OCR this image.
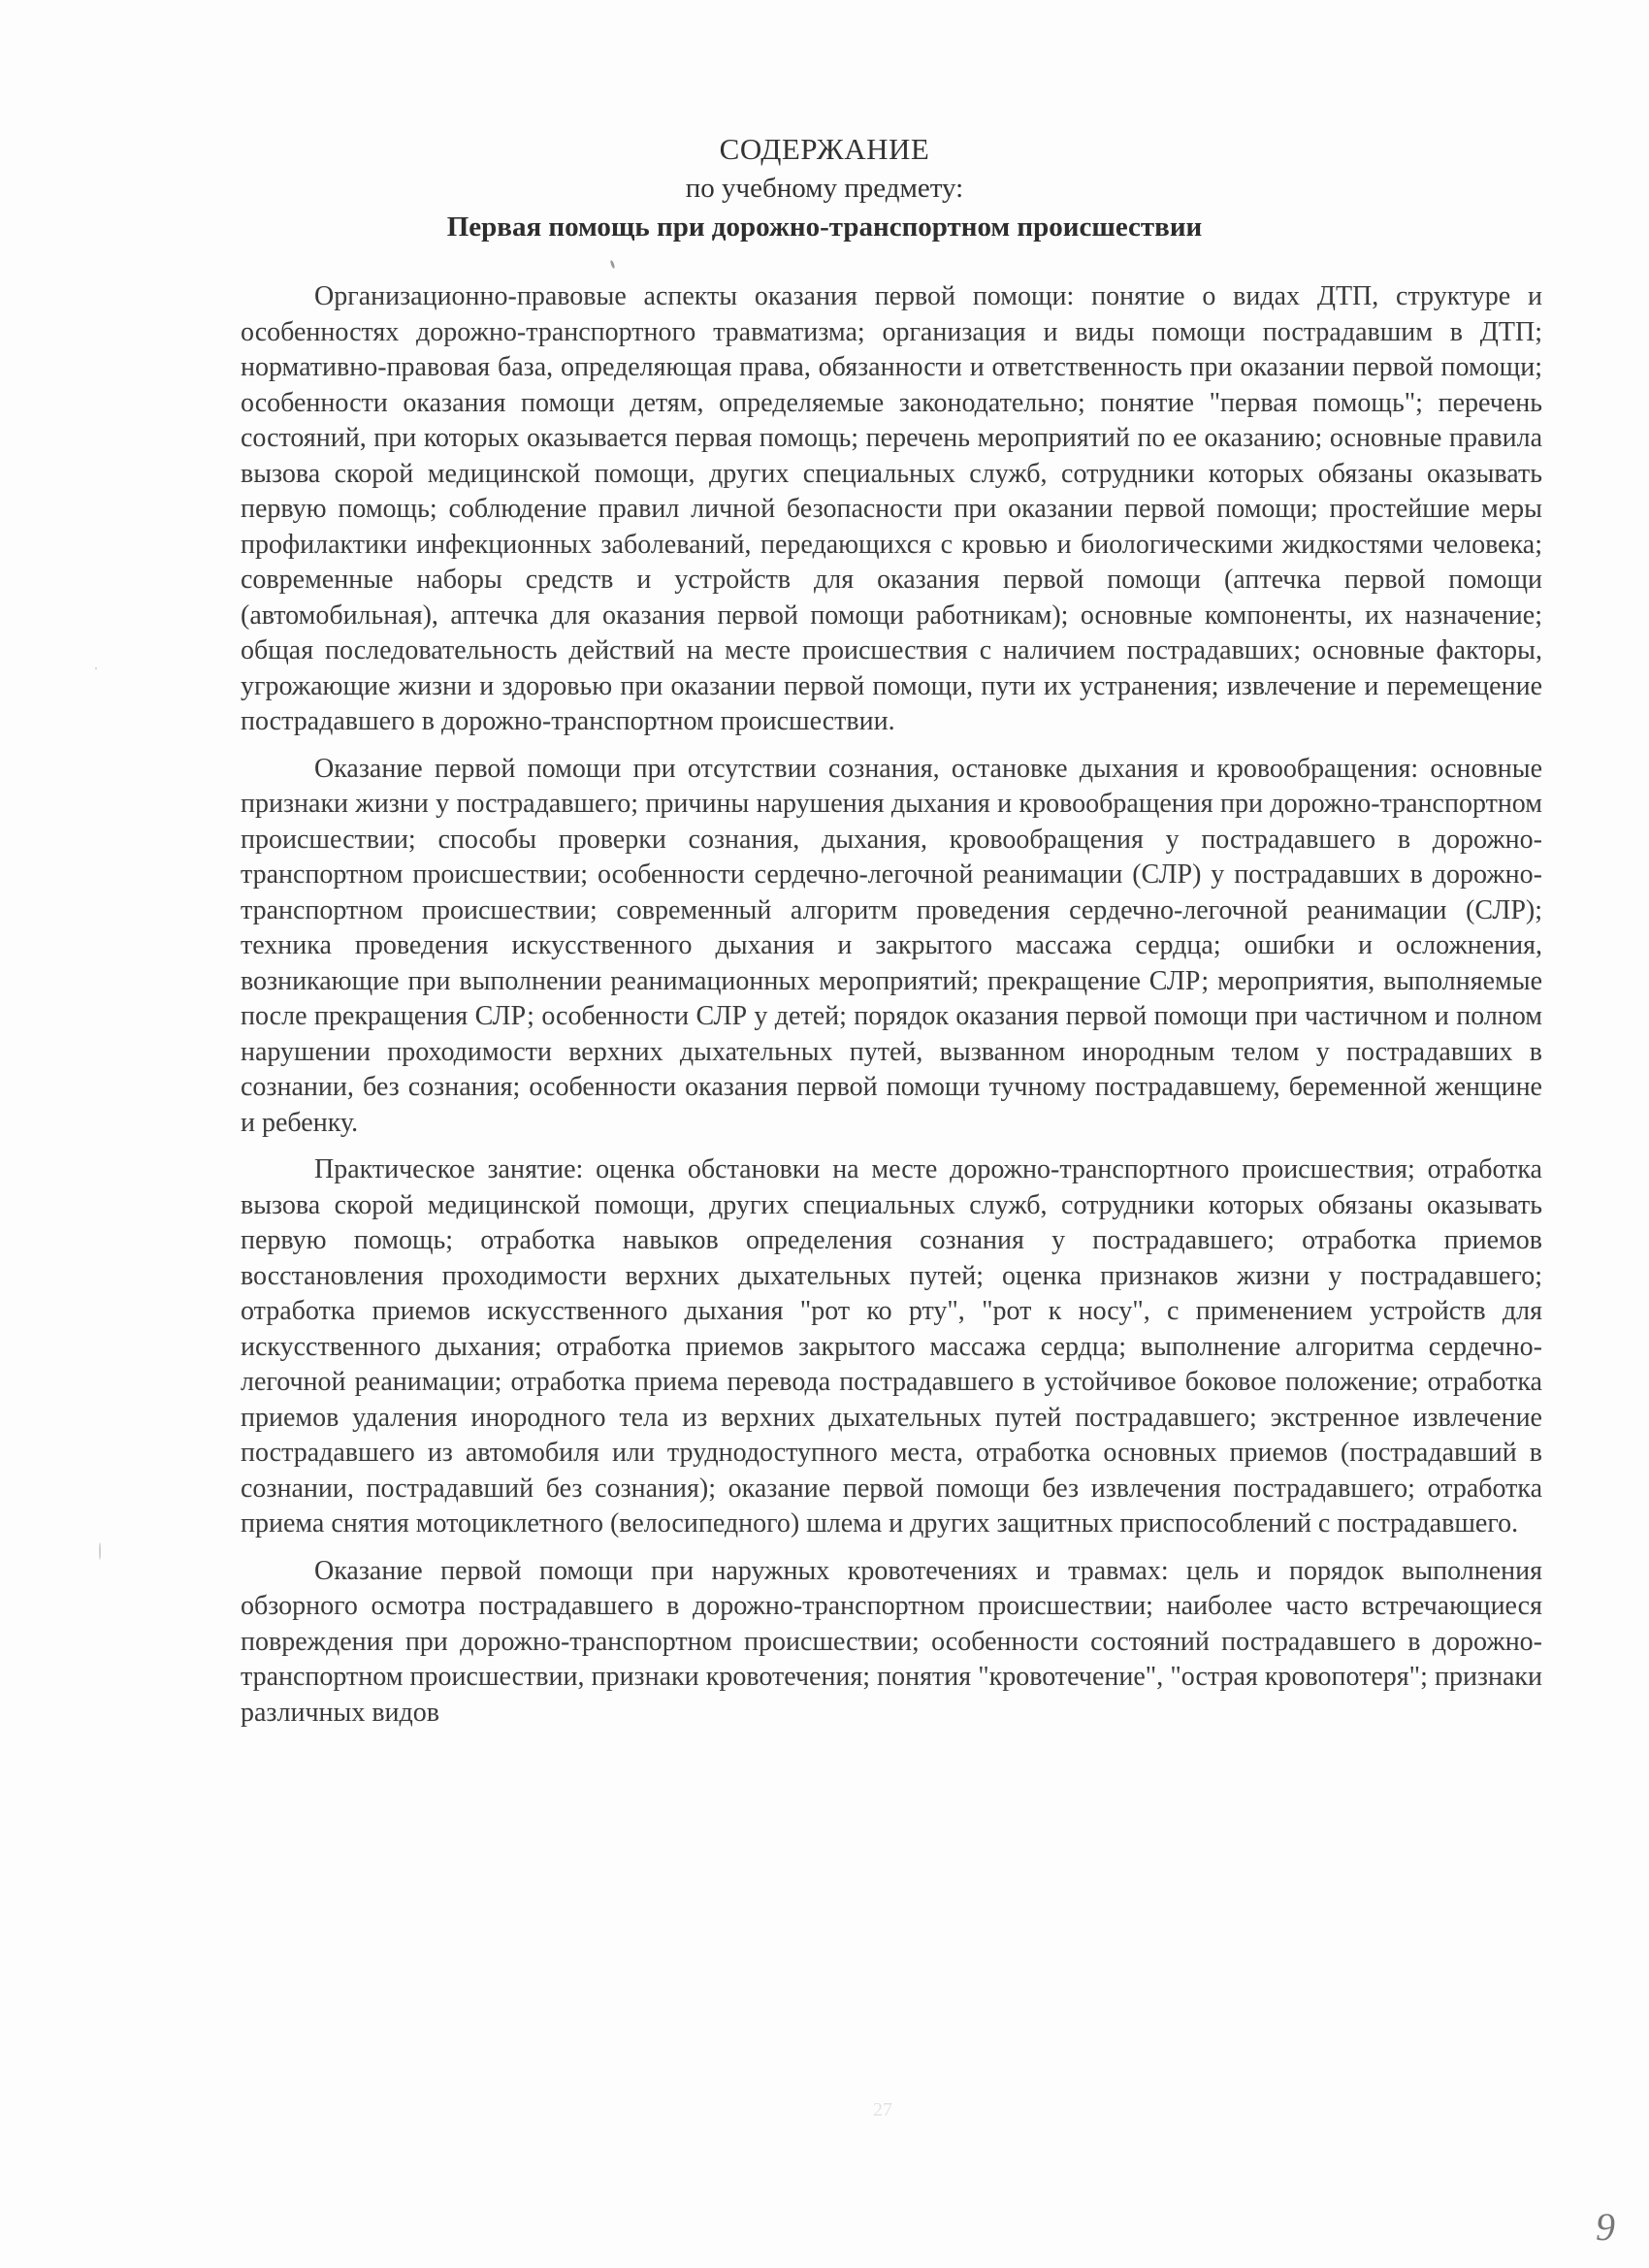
СОДЕРЖАНИЕ
по учебному предмету:
Первая помощь при дорожно-транспортном происшествии

Организационно-правовые аспекты оказания первой помощи: понятие о видах ДТП, структуре и особенностях дорожно-транспортного травматизма; организация и виды помощи пострадавшим в ДТП; нормативно-правовая база, определяющая права, обязанности и ответственность при оказании первой помощи; особенности оказания помощи детям, определяемые законодательно; понятие "первая помощь"; перечень состояний, при которых оказывается первая помощь; перечень мероприятий по ее оказанию; основные правила вызова скорой медицинской помощи, других специальных служб, сотрудники которых обязаны оказывать первую помощь; соблюдение правил личной безопасности при оказании первой помощи; простейшие меры профилактики инфекционных заболеваний, передающихся с кровью и биологическими жидкостями человека; современные наборы средств и устройств для оказания первой помощи (аптечка первой помощи (автомобильная), аптечка для оказания первой помощи работникам); основные компоненты, их назначение; общая последовательность действий на месте происшествия с наличием пострадавших; основные факторы, угрожающие жизни и здоровью при оказании первой помощи, пути их устранения; извлечение и перемещение пострадавшего в дорожно-транспортном происшествии.

Оказание первой помощи при отсутствии сознания, остановке дыхания и кровообращения: основные признаки жизни у пострадавшего; причины нарушения дыхания и кровообращения при дорожно-транспортном происшествии; способы проверки сознания, дыхания, кровообращения у пострадавшего в дорожно-транспортном происшествии; особенности сердечно-легочной реанимации (СЛР) у пострадавших в дорожно-транспортном происшествии; современный алгоритм проведения сердечно-легочной реанимации (СЛР); техника проведения искусственного дыхания и закрытого массажа сердца; ошибки и осложнения, возникающие при выполнении реанимационных мероприятий; прекращение СЛР; мероприятия, выполняемые после прекращения СЛР; особенности СЛР у детей; порядок оказания первой помощи при частичном и полном нарушении проходимости верхних дыхательных путей, вызванном инородным телом у пострадавших в сознании, без сознания; особенности оказания первой помощи тучному пострадавшему, беременной женщине и ребенку.

Практическое занятие: оценка обстановки на месте дорожно-транспортного происшествия; отработка вызова скорой медицинской помощи, других специальных служб, сотрудники которых обязаны оказывать первую помощь; отработка навыков определения сознания у пострадавшего; отработка приемов восстановления проходимости верхних дыхательных путей; оценка признаков жизни у пострадавшего; отработка приемов искусственного дыхания "рот ко рту", "рот к носу", с применением устройств для искусственного дыхания; отработка приемов закрытого массажа сердца; выполнение алгоритма сердечно-легочной реанимации; отработка приема перевода пострадавшего в устойчивое боковое положение; отработка приемов удаления инородного тела из верхних дыхательных путей пострадавшего; экстренное извлечение пострадавшего из автомобиля или труднодоступного места, отработка основных приемов (пострадавший в сознании, пострадавший без сознания); оказание первой помощи без извлечения пострадавшего; отработка приема снятия мотоциклетного (велосипедного) шлема и других защитных приспособлений с пострадавшего.

Оказание первой помощи при наружных кровотечениях и травмах: цель и порядок выполнения обзорного осмотра пострадавшего в дорожно-транспортном происшествии; наиболее часто встречающиеся повреждения при дорожно-транспортном происшествии; особенности состояний пострадавшего в дорожно-транспортном происшествии, признаки кровотечения; понятия "кровотечение", "острая кровопотеря"; признаки различных видов

27
9
